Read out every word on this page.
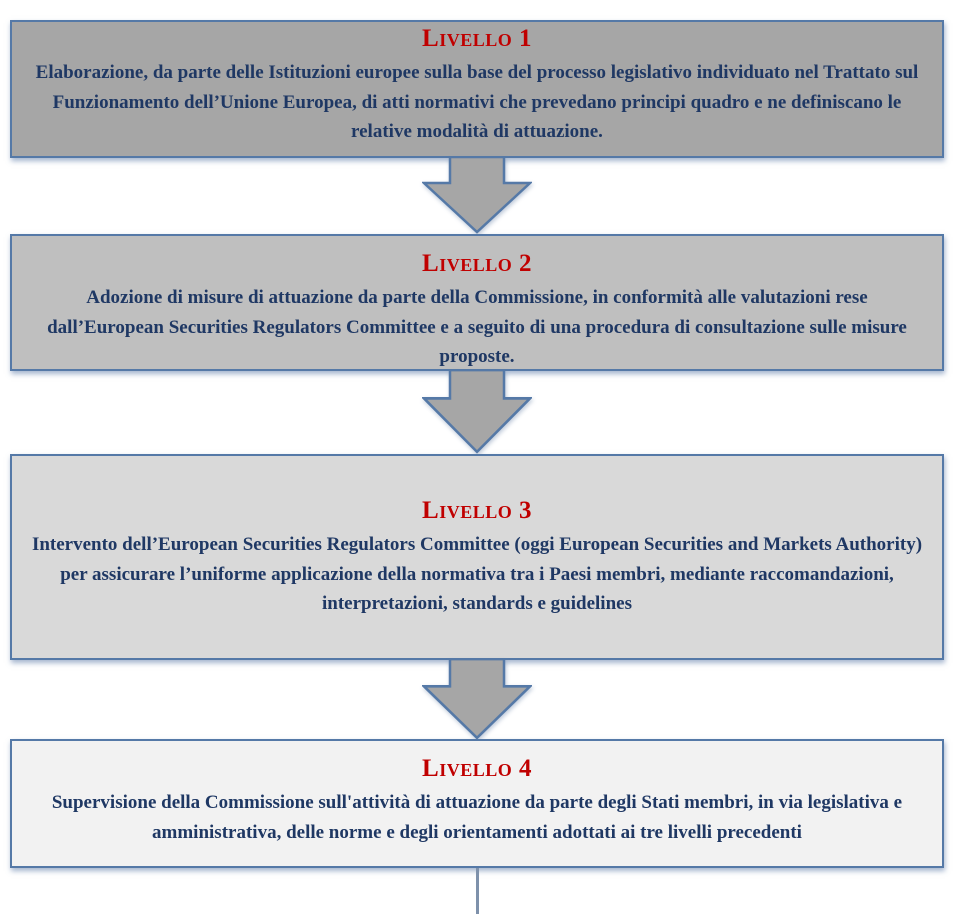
Livello 1

Elaborazione, da parte delle Istituzioni europee sulla base del processo legislativo individuato nel Trattato sul Funzionamento dell’Unione Europea, di atti normativi che prevedano principi quadro e ne definiscano le relative modalità di attuazione.

Livello 2

Adozione di misure di attuazione da parte della Commissione, in conformità alle valutazioni rese dall’European Securities Regulators Committee e a seguito di una procedura di consultazione sulle misure proposte.

Livello 3

Intervento dell’European Securities Regulators Committee (oggi European Securities and Markets Authority) per assicurare l’uniforme applicazione della normativa tra i Paesi membri, mediante raccomandazioni, interpretazioni, standards e guidelines

Livello 4

Supervisione della Commissione sull'attività di attuazione da parte degli Stati membri, in via legislativa e amministrativa, delle norme e degli orientamenti adottati ai tre livelli precedenti
